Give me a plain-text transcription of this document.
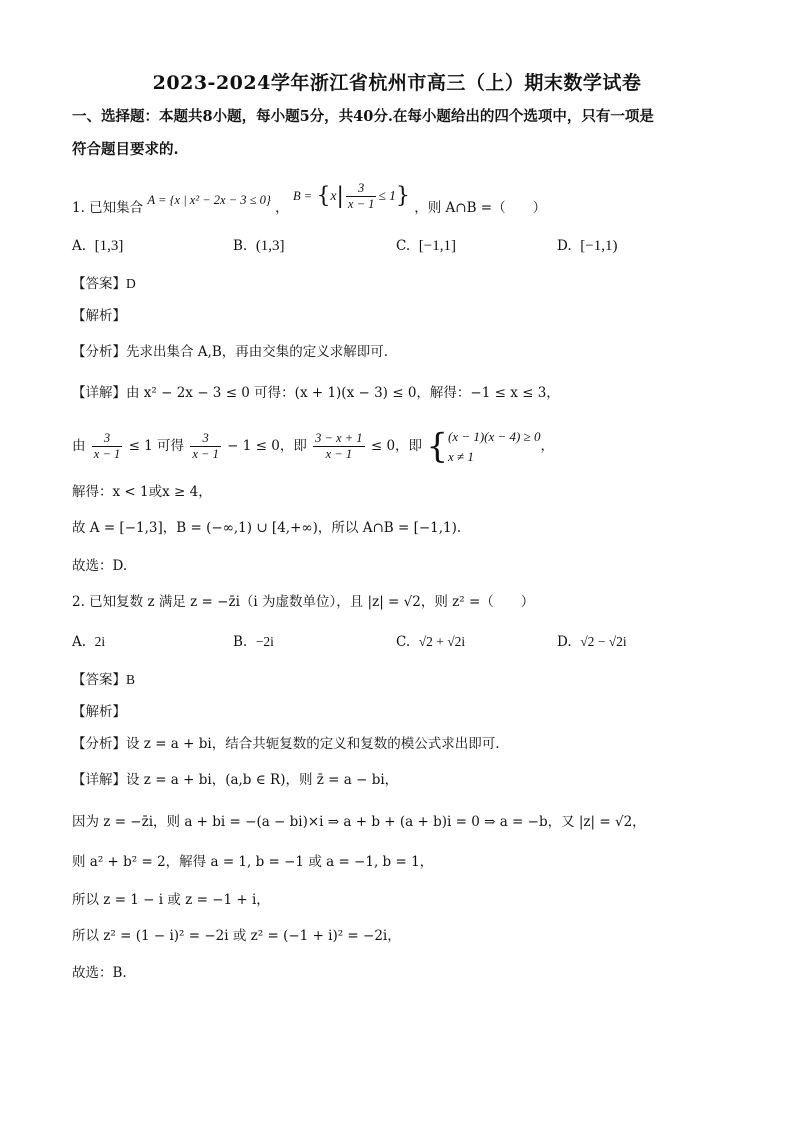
2023-2024学年浙江省杭州市高三（上）期末数学试卷
一、选择题：本题共8小题，每小题5分，共40分.在每小题给出的四个选项中，只有一项是
符合题目要求的.
1. 已知集合 A = {x | x² − 2x − 3 ≤ 0} ， $B = \{x| \frac{3}{x - 1} \le 1\}$ ，则 A∩B =（　　）
A. [1,3]	B. (1,3]	C. [−1,1]	D. [−1,1)
【答案】D
【解析】
【分析】先求出集合 A,B，再由交集的定义求解即可.
【详解】由 x² − 2x − 3 ≤ 0 可得：(x + 1)(x − 3) ≤ 0，解得：−1 ≤ x ≤ 3，
由 $\frac{3}{x - 1} \le 1$ 可得 $\frac{3}{x - 1} - 1 \le 0$，即 $\frac{3 - x + 1}{x - 1} \le 0$，即 { (x − 1)(x − 4) ≥ 0
x ≠ 1
，
解得：x < 1或x ≥ 4，
故 A = [−1,3]，B = (−∞,1) ∪ [4,+∞)，所以 A∩B = [−1,1).
故选：D.
2. 已知复数 z 满足 z = −z̄i（i 为虚数单位），且 |z| = √2，则 z² =（　　）
A. 2i	B. −2i	C. √2 + √2i	D. √2 − √2i
【答案】B
【解析】
【分析】设 z = a + bi，结合共轭复数的定义和复数的模公式求出即可.
【详解】设 z = a + bi，(a,b ∈ R)，则 z̄ = a − bi，
因为 z = −z̄i，则 a + bi = −(a − bi)×i ⇒ a + b + (a + b)i = 0 ⇒ a = −b，又 |z| = √2，
则 a² + b² = 2，解得 a = 1, b = −1 或 a = −1, b = 1，
所以 z = 1 − i 或 z = −1 + i，
所以 z² = (1 − i)² = −2i 或 z² = (−1 + i)² = −2i，
故选：B.
